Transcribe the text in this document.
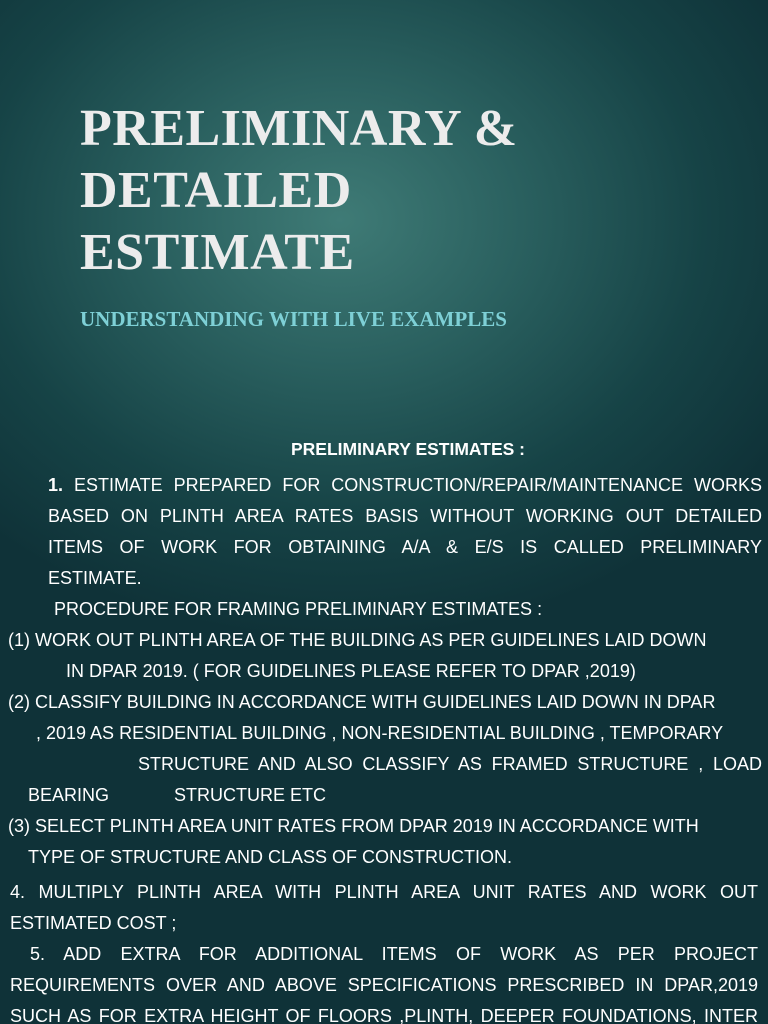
PRELIMINARY &
DETAILED
ESTIMATE

UNDERSTANDING WITH LIVE EXAMPLES

PRELIMINARY ESTIMATES :
1. ESTIMATE PREPARED FOR CONSTRUCTION/REPAIR/MAINTENANCE WORKS
BASED ON PLINTH AREA RATES BASIS WITHOUT WORKING OUT DETAILED
ITEMS OF WORK FOR OBTAINING A/A & E/S IS CALLED PRELIMINARY
ESTIMATE.
PROCEDURE FOR FRAMING PRELIMINARY ESTIMATES :
(1) WORK OUT PLINTH AREA OF THE BUILDING AS PER GUIDELINES LAID DOWN
IN DPAR 2019. ( FOR GUIDELINES PLEASE REFER TO DPAR ,2019)
(2) CLASSIFY BUILDING IN ACCORDANCE WITH GUIDELINES LAID DOWN IN DPAR
, 2019 AS RESIDENTIAL BUILDING , NON-RESIDENTIAL BUILDING , TEMPORARY
STRUCTURE AND ALSO CLASSIFY AS FRAMED STRUCTURE , LOAD
BEARING             STRUCTURE ETC
(3) SELECT PLINTH AREA UNIT RATES FROM DPAR 2019 IN ACCORDANCE WITH
TYPE OF STRUCTURE AND CLASS OF CONSTRUCTION.
4. MULTIPLY PLINTH AREA WITH PLINTH AREA UNIT RATES AND WORK OUT
ESTIMATED COST ;
5. ADD EXTRA FOR ADDITIONAL ITEMS OF WORK AS PER PROJECT
REQUIREMENTS OVER AND ABOVE SPECIFICATIONS PRESCRIBED IN DPAR,2019
SUCH AS FOR EXTRA HEIGHT OF FLOORS ,PLINTH, DEEPER FOUNDATIONS, INTER
